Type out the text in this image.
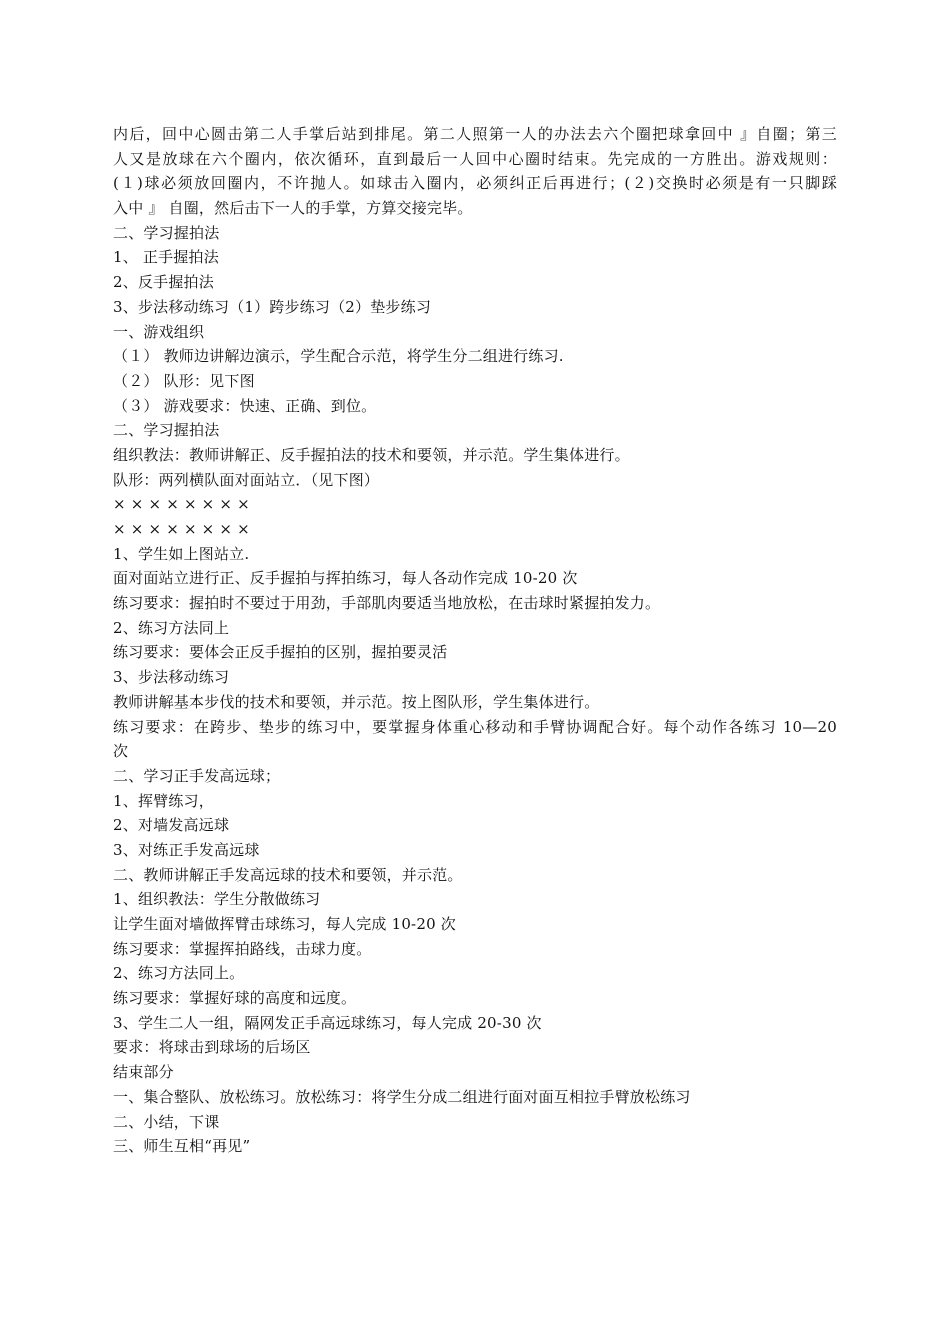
内后，回中心圆击第二人手掌后站到排尾。第二人照第一人的办法去六个圈把球拿回中 』自圈；第三
人又是放球在六个圈内，依次循环，直到最后一人回中心圈时结束。先完成的一方胜出。游戏规则：
(１)球必须放回圈内，不许抛人。如球击入圈内，必须纠正后再进行；(２)交换时必须是有一只脚踩
入中 』 自圈，然后击下一人的手掌，方算交接完毕。
二、学习握拍法
1、 正手握拍法
2、反手握拍法
3、步法移动练习（1）跨步练习（2）垫步练习
一、游戏组织
（１） 教师边讲解边演示，学生配合示范，将学生分二组进行练习.
（２） 队形：见下图
（３） 游戏要求：快速、正确、到位。
二、学习握拍法
组织教法：教师讲解正、反手握拍法的技术和要领，并示范。学生集体进行。
队形：两列横队面对面站立．（见下图）
× × × × × × × ×
× × × × × × × ×
1、学生如上图站立.
面对面站立进行正、反手握拍与挥拍练习，每人各动作完成 10-20 次
练习要求：握拍时不要过于用劲，手部肌肉要适当地放松，在击球时紧握拍发力。
2、练习方法同上
练习要求：要体会正反手握拍的区别，握拍要灵活
3、步法移动练习
教师讲解基本步伐的技术和要领，并示范。按上图队形，学生集体进行。
练习要求：在跨步、垫步的练习中，要掌握身体重心移动和手臂协调配合好。每个动作各练习 10—20
次
二、学习正手发高远球；
1、挥臂练习，
2、对墙发高远球
3、对练正手发高远球
二、教师讲解正手发高远球的技术和要领，并示范。
1、组织教法：学生分散做练习
让学生面对墙做挥臂击球练习，每人完成 10-20 次
练习要求：掌握挥拍路线，击球力度。
2、练习方法同上。
练习要求：掌握好球的高度和远度。
3、学生二人一组，隔网发正手高远球练习，每人完成 20-30 次
要求：将球击到球场的后场区
结束部分
一、集合整队、放松练习。放松练习：将学生分成二组进行面对面互相拉手臂放松练习
二、小结，下课
三、师生互相“再见”
